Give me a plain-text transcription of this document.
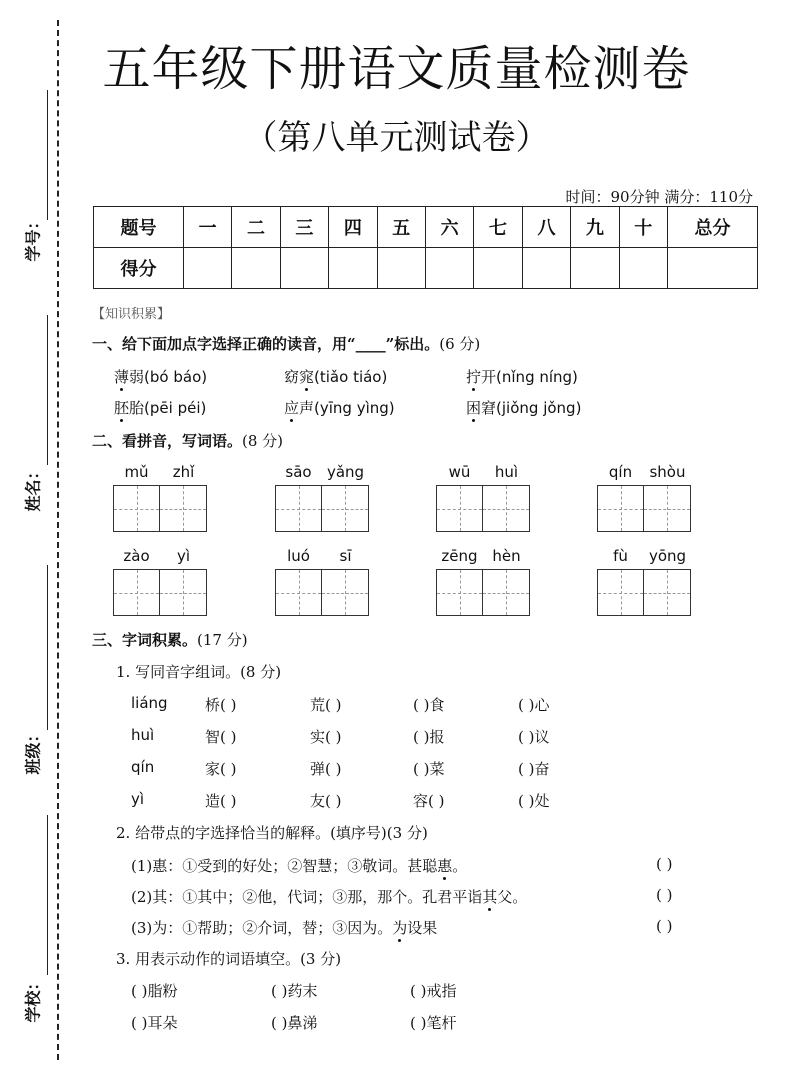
学号：
姓名：
班级：
学校：
五年级下册语文质量检测卷
（第八单元测试卷）
时间：90分钟 满分：110分
题号	一	二	三	四	五	六	七	八	九	十	总分
得分											
【知识积累】
一、给下面加点字选择正确的读音，用“____”标出。(6 分)
薄弱(bó báo)	窈窕(tiǎo tiáo)	拧开(nǐng níng)
胚胎(pēi péi)	应声(yīng yìng)	困窘(jiǒng jǒng)
二、看拼音，写词语。(8 分)
mǔ	zhǐ	sāo	yǎng	wū	huì	qín	shòu
zào	yì	luó	sī	zēng hèn	fù	yōng
三、字词积累。(17 分)
1. 写同音字组词。(8 分)
liáng 桥( )	荒( )	( )食	( )心
huì	智( )	实( )	( )报	( )议
qín	家( )	弹( )	( )菜	( )奋
yì	造( )	友( )	容( )	( )处
2. 给带点的字选择恰当的解释。(填序号)(3 分)
(1)惠：①受到的好处；②智慧；③敬词。甚聪惠。	( )
(2)其：①其中；②他，代词；③那，那个。孔君平诣其父。	( )
(3)为：①帮助；②介词，替；③因为。为设果	( )
3. 用表示动作的词语填空。(3 分)
( )脂粉	( )药末	( )戒指
( )耳朵	( )鼻涕	( )笔杆
